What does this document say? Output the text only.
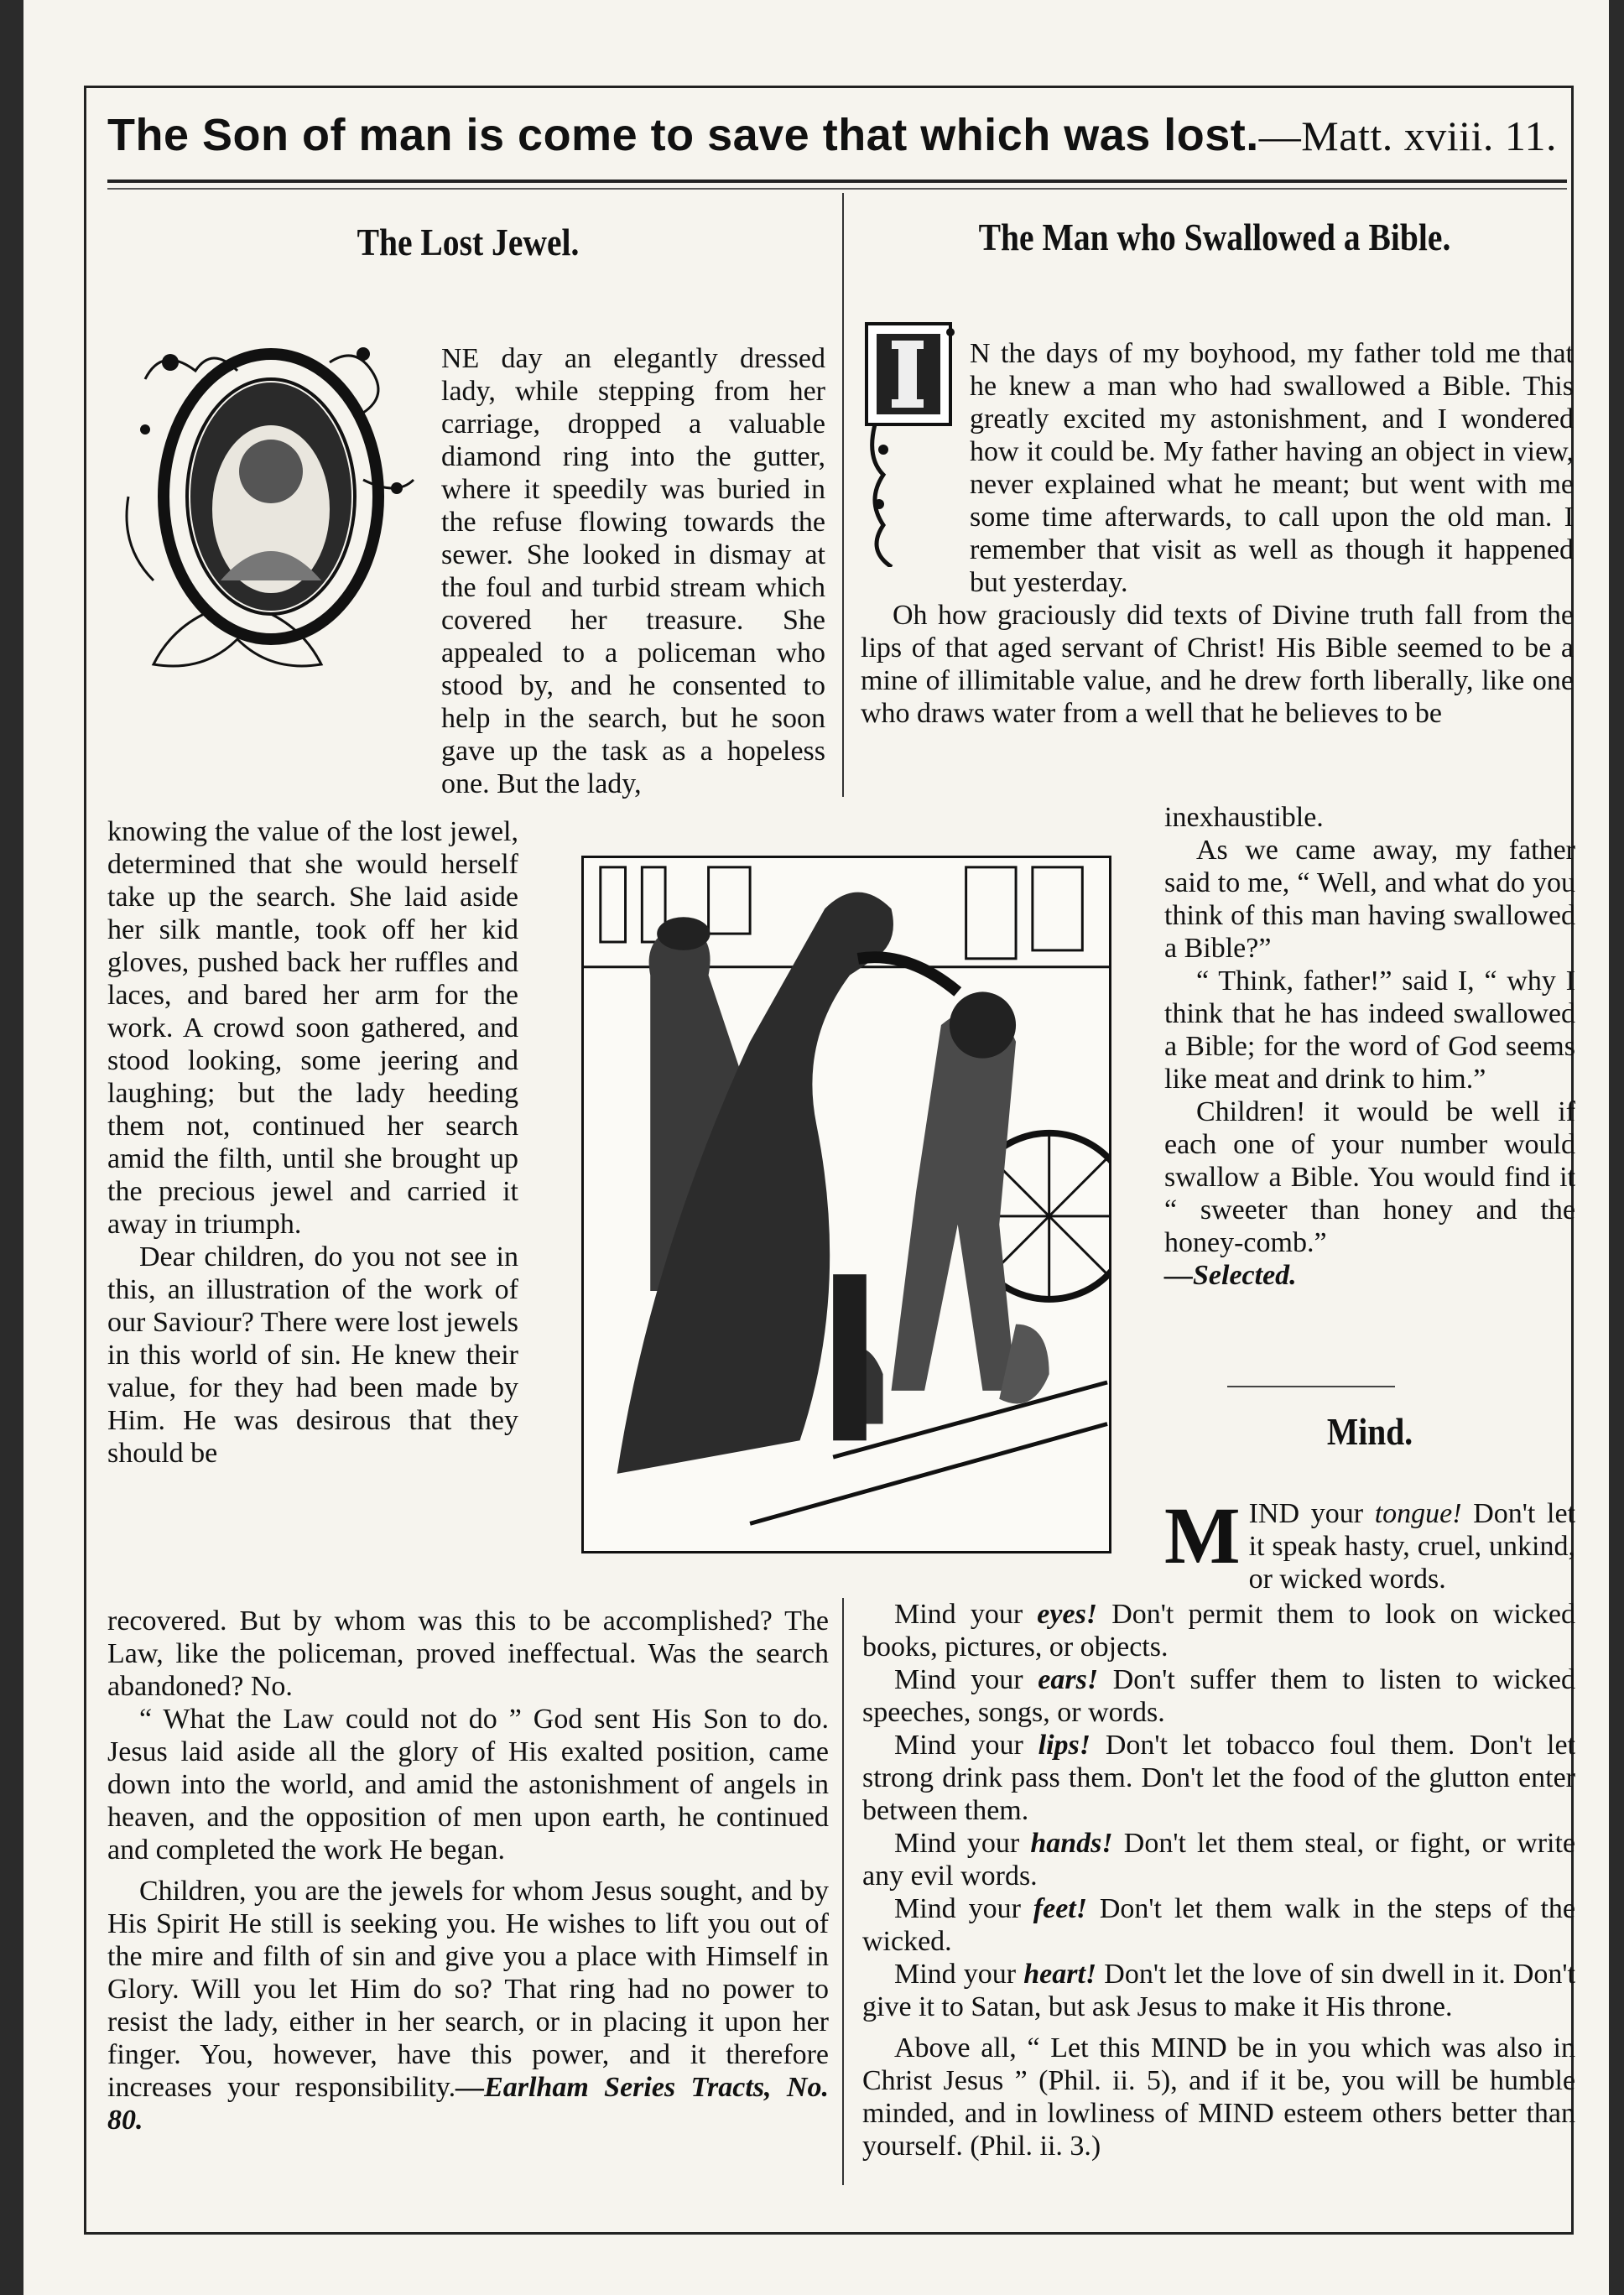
The Son of man is come to save that which was lost.—Matt. xviii. 11.
The Lost Jewel.

NE day an elegantly dressed lady, while stepping from her carriage, dropped a valuable diamond ring into the gutter, where it speedily was buried in the refuse flowing towards the sewer. She looked in dismay at the foul and turbid stream which covered her treasure. She appealed to a policeman who stood by, and he consented to help in the search, but he soon gave up the task as a hopeless one. But the lady,

knowing the value of the lost jewel, determined that she would herself take up the search. She laid aside her silk mantle, took off her kid gloves, pushed back her ruffles and laces, and bared her arm for the work. A crowd soon gathered, and stood looking, some jeering and laughing; but the lady heeding them not, continued her search amid the filth, until she brought up the precious jewel and carried it away in triumph.

Dear children, do you not see in this, an illustration of the work of our Saviour? There were lost jewels in this world of sin. He knew their value, for they had been made by Him. He was desirous that they should be

recovered. But by whom was this to be accomplished? The Law, like the policeman, proved ineffectual. Was the search abandoned? No.

“ What the Law could not do ” God sent His Son to do. Jesus laid aside all the glory of His exalted position, came down into the world, and amid the astonishment of angels in heaven, and the opposition of men upon earth, he continued and completed the work He began.

Children, you are the jewels for whom Jesus sought, and by His Spirit He still is seeking you. He wishes to lift you out of the mire and filth of sin and give you a place with Himself in Glory. Will you let Him do so? That ring had no power to resist the lady, either in her search, or in placing it upon her finger. You, however, have this power, and it therefore increases your responsibility.—Earlham Series Tracts, No. 80.

The Man who Swallowed a Bible.

N the days of my boyhood, my father told me that he knew a man who had swallowed a Bible. This greatly excited my astonishment, and I wondered how it could be. My father having an object in view, never explained what he meant; but went with me some time afterwards, to call upon the old man. I remember that visit as well as though it happened but yesterday.

Oh how graciously did texts of Divine truth fall from the lips of that aged servant of Christ! His Bible seemed to be a mine of illimitable value, and he drew forth liberally, like one who draws water from a well that he believes to be

inexhaustible.

As we came away, my father said to me, “ Well, and what do you think of this man having swallowed a Bible?”

“ Think, father!” said I, “ why I think that he has indeed swallowed a Bible; for the word of God seems like meat and drink to him.”

Children! it would be well if each one of your number would swallow a Bible. You would find it “ sweeter than honey and the honey-comb.”
—Selected.

Mind.

MIND your tongue! Don't let it speak hasty, cruel, unkind, or wicked words.

Mind your eyes! Don't permit them to look on wicked books, pictures, or objects.

Mind your ears! Don't suffer them to listen to wicked speeches, songs, or words.

Mind your lips! Don't let tobacco foul them. Don't let strong drink pass them. Don't let the food of the glutton enter between them.

Mind your hands! Don't let them steal, or fight, or write any evil words.

Mind your feet! Don't let them walk in the steps of the wicked.

Mind your heart! Don't let the love of sin dwell in it. Don't give it to Satan, but ask Jesus to make it His throne.

Above all, “ Let this MIND be in you which was also in Christ Jesus ” (Phil. ii. 5), and if it be, you will be humble minded, and in lowliness of MIND esteem others better than yourself. (Phil. ii. 3.)
